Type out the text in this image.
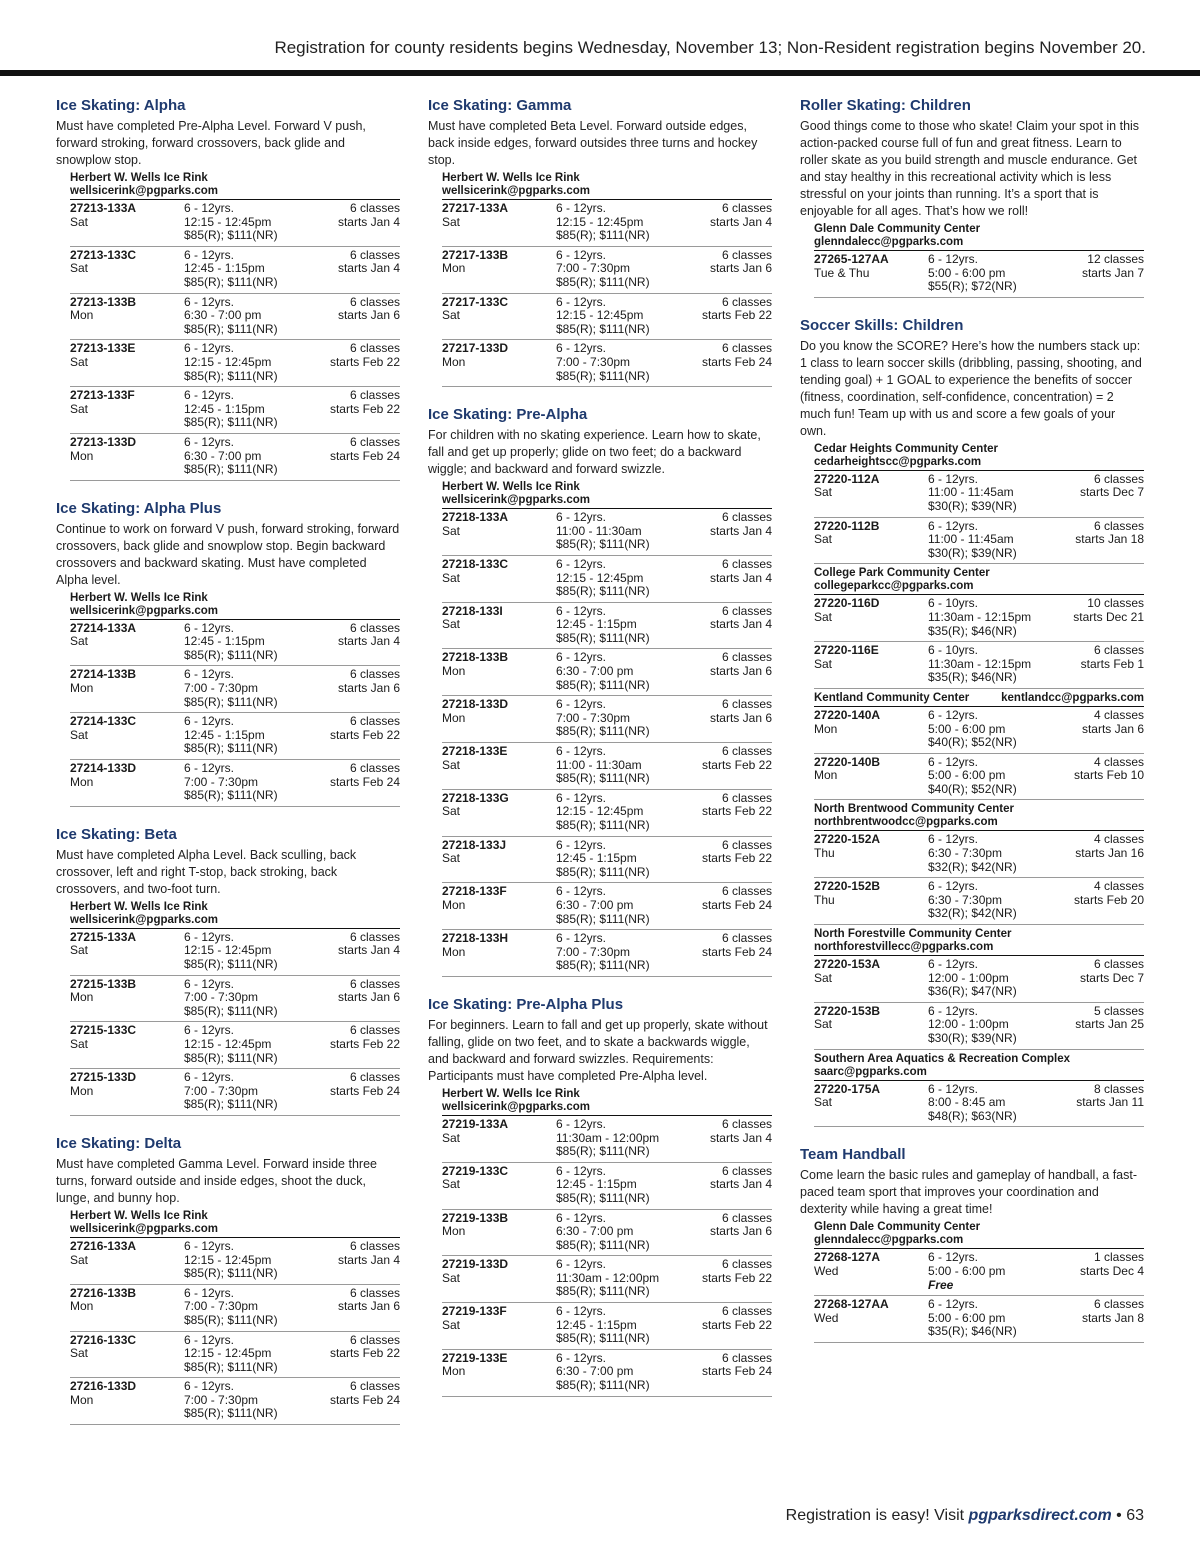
Registration for county residents begins Wednesday, November 13; Non-Resident registration begins November 20.
Ice Skating: Alpha
Must have completed Pre-Alpha Level. Forward V push, forward stroking, forward crossovers, back glide and snowplow stop.
Herbert W. Wells Ice Rink
wellsicerink@pgparks.com
27213-133A
Sat
6 - 12yrs.
12:15 - 12:45pm
$85(R); $111(NR)
6 classes
starts Jan 4
27213-133C
Sat
6 - 12yrs.
12:45 - 1:15pm
$85(R); $111(NR)
6 classes
starts Jan 4
27213-133B
Mon
6 - 12yrs.
6:30 - 7:00 pm
$85(R); $111(NR)
6 classes
starts Jan 6
27213-133E
Sat
6 - 12yrs.
12:15 - 12:45pm
$85(R); $111(NR)
6 classes
starts Feb 22
27213-133F
Sat
6 - 12yrs.
12:45 - 1:15pm
$85(R); $111(NR)
6 classes
starts Feb 22
27213-133D
Mon
6 - 12yrs.
6:30 - 7:00 pm
$85(R); $111(NR)
6 classes
starts Feb 24
Ice Skating: Alpha Plus
Continue to work on forward V push, forward stroking, forward crossovers, back glide and snowplow stop. Begin backward crossovers and backward skating. Must have completed Alpha level.
Herbert W. Wells Ice Rink
wellsicerink@pgparks.com
27214-133A
Sat
6 - 12yrs.
12:45 - 1:15pm
$85(R); $111(NR)
6 classes
starts Jan 4
27214-133B
Mon
6 - 12yrs.
7:00 - 7:30pm
$85(R); $111(NR)
6 classes
starts Jan 6
27214-133C
Sat
6 - 12yrs.
12:45 - 1:15pm
$85(R); $111(NR)
6 classes
starts Feb 22
27214-133D
Mon
6 - 12yrs.
7:00 - 7:30pm
$85(R); $111(NR)
6 classes
starts Feb 24
Ice Skating: Beta
Must have completed Alpha Level. Back sculling, back crossover, left and right T-stop, back stroking, back crossovers, and two-foot turn.
Herbert W. Wells Ice Rink
wellsicerink@pgparks.com
27215-133A
Sat
6 - 12yrs.
12:15 - 12:45pm
$85(R); $111(NR)
6 classes
starts Jan 4
27215-133B
Mon
6 - 12yrs.
7:00 - 7:30pm
$85(R); $111(NR)
6 classes
starts Jan 6
27215-133C
Sat
6 - 12yrs.
12:15 - 12:45pm
$85(R); $111(NR)
6 classes
starts Feb 22
27215-133D
Mon
6 - 12yrs.
7:00 - 7:30pm
$85(R); $111(NR)
6 classes
starts Feb 24
Ice Skating: Delta
Must have completed Gamma Level. Forward inside three turns, forward outside and inside edges, shoot the duck, lunge, and bunny hop.
Herbert W. Wells Ice Rink
wellsicerink@pgparks.com
27216-133A
Sat
6 - 12yrs.
12:15 - 12:45pm
$85(R); $111(NR)
6 classes
starts Jan 4
27216-133B
Mon
6 - 12yrs.
7:00 - 7:30pm
$85(R); $111(NR)
6 classes
starts Jan 6
27216-133C
Sat
6 - 12yrs.
12:15 - 12:45pm
$85(R); $111(NR)
6 classes
starts Feb 22
27216-133D
Mon
6 - 12yrs.
7:00 - 7:30pm
$85(R); $111(NR)
6 classes
starts Feb 24
Ice Skating: Gamma
Must have completed Beta Level. Forward outside edges, back inside edges, forward outsides three turns and hockey stop.
Herbert W. Wells Ice Rink
wellsicerink@pgparks.com
27217-133A
Sat
6 - 12yrs.
12:15 - 12:45pm
$85(R); $111(NR)
6 classes
starts Jan 4
27217-133B
Mon
6 - 12yrs.
7:00 - 7:30pm
$85(R); $111(NR)
6 classes
starts Jan 6
27217-133C
Sat
6 - 12yrs.
12:15 - 12:45pm
$85(R); $111(NR)
6 classes
starts Feb 22
27217-133D
Mon
6 - 12yrs.
7:00 - 7:30pm
$85(R); $111(NR)
6 classes
starts Feb 24
Ice Skating: Pre-Alpha
For children with no skating experience. Learn how to skate, fall and get up properly; glide on two feet; do a backward wiggle; and backward and forward swizzle.
Herbert W. Wells Ice Rink
wellsicerink@pgparks.com
27218-133A
Sat
6 - 12yrs.
11:00 - 11:30am
$85(R); $111(NR)
6 classes
starts Jan 4
27218-133C
Sat
6 - 12yrs.
12:15 - 12:45pm
$85(R); $111(NR)
6 classes
starts Jan 4
27218-133I
Sat
6 - 12yrs.
12:45 - 1:15pm
$85(R); $111(NR)
6 classes
starts Jan 4
27218-133B
Mon
6 - 12yrs.
6:30 - 7:00 pm
$85(R); $111(NR)
6 classes
starts Jan 6
27218-133D
Mon
6 - 12yrs.
7:00 - 7:30pm
$85(R); $111(NR)
6 classes
starts Jan 6
27218-133E
Sat
6 - 12yrs.
11:00 - 11:30am
$85(R); $111(NR)
6 classes
starts Feb 22
27218-133G
Sat
6 - 12yrs.
12:15 - 12:45pm
$85(R); $111(NR)
6 classes
starts Feb 22
27218-133J
Sat
6 - 12yrs.
12:45 - 1:15pm
$85(R); $111(NR)
6 classes
starts Feb 22
27218-133F
Mon
6 - 12yrs.
6:30 - 7:00 pm
$85(R); $111(NR)
6 classes
starts Feb 24
27218-133H
Mon
6 - 12yrs.
7:00 - 7:30pm
$85(R); $111(NR)
6 classes
starts Feb 24
Ice Skating: Pre-Alpha Plus
For beginners. Learn to fall and get up properly, skate without falling, glide on two feet, and to skate a backwards wiggle, and backward and forward swizzles. Requirements: Participants must have completed Pre-Alpha level.
Herbert W. Wells Ice Rink
wellsicerink@pgparks.com
27219-133A
Sat
6 - 12yrs.
11:30am - 12:00pm
$85(R); $111(NR)
6 classes
starts Jan 4
27219-133C
Sat
6 - 12yrs.
12:45 - 1:15pm
$85(R); $111(NR)
6 classes
starts Jan 4
27219-133B
Mon
6 - 12yrs.
6:30 - 7:00 pm
$85(R); $111(NR)
6 classes
starts Jan 6
27219-133D
Sat
6 - 12yrs.
11:30am - 12:00pm
$85(R); $111(NR)
6 classes
starts Feb 22
27219-133F
Sat
6 - 12yrs.
12:45 - 1:15pm
$85(R); $111(NR)
6 classes
starts Feb 22
27219-133E
Mon
6 - 12yrs.
6:30 - 7:00 pm
$85(R); $111(NR)
6 classes
starts Feb 24
Roller Skating: Children
Good things come to those who skate! Claim your spot in this action-packed course full of fun and great fitness. Learn to roller skate as you build strength and muscle endurance. Get and stay healthy in this recreational activity which is less stressful on your joints than running. It’s a sport that is enjoyable for all ages. That’s how we roll!
Glenn Dale Community Center
glenndalecc@pgparks.com
27265-127AA
Tue & Thu
6 - 12yrs.
5:00 - 6:00 pm
$55(R); $72(NR)
12 classes
starts Jan 7
Soccer Skills: Children
Do you know the SCORE? Here’s how the numbers stack up: 1 class to learn soccer skills (dribbling, passing, shooting, and tending goal) + 1 GOAL to experience the benefits of soccer (fitness, coordination, self-confidence, concentration) = 2 much fun! Team up with us and score a few goals of your own.
Cedar Heights Community Center
cedarheightscc@pgparks.com
27220-112A
Sat
6 - 12yrs.
11:00 - 11:45am
$30(R); $39(NR)
6 classes
starts Dec 7
27220-112B
Sat
6 - 12yrs.
11:00 - 11:45am
$30(R); $39(NR)
6 classes
starts Jan 18
College Park Community Center
collegeparkcc@pgparks.com
27220-116D
Sat
6 - 10yrs.
11:30am - 12:15pm
$35(R); $46(NR)
10 classes
starts Dec 21
27220-116E
Sat
6 - 10yrs.
11:30am - 12:15pm
$35(R); $46(NR)
6 classes
starts Feb 1
Kentland Community Center	kentlandcc@pgparks.com
27220-140A
Mon
6 - 12yrs.
5:00 - 6:00 pm
$40(R); $52(NR)
4 classes
starts Jan 6
27220-140B
Mon
6 - 12yrs.
5:00 - 6:00 pm
$40(R); $52(NR)
4 classes
starts Feb 10
North Brentwood Community Center
northbrentwoodcc@pgparks.com
27220-152A
Thu
6 - 12yrs.
6:30 - 7:30pm
$32(R); $42(NR)
4 classes
starts Jan 16
27220-152B
Thu
6 - 12yrs.
6:30 - 7:30pm
$32(R); $42(NR)
4 classes
starts Feb 20
North Forestville Community Center
northforestvillecc@pgparks.com
27220-153A
Sat
6 - 12yrs.
12:00 - 1:00pm
$36(R); $47(NR)
6 classes
starts Dec 7
27220-153B
Sat
6 - 12yrs.
12:00 - 1:00pm
$30(R); $39(NR)
5 classes
starts Jan 25
Southern Area Aquatics & Recreation Complex
saarc@pgparks.com
27220-175A
Sat
6 - 12yrs.
8:00 - 8:45 am
$48(R); $63(NR)
8 classes
starts Jan 11
Team Handball
Come learn the basic rules and gameplay of handball, a fast-paced team sport that improves your coordination and dexterity while having a great time!
Glenn Dale Community Center
glenndalecc@pgparks.com
27268-127A
Wed
6 - 12yrs.
5:00 - 6:00 pm
Free
1 classes
starts Dec 4
27268-127AA
Wed
6 - 12yrs.
5:00 - 6:00 pm
$35(R); $46(NR)
6 classes
starts Jan 8
Registration is easy! Visit pgparksdirect.com • 63
